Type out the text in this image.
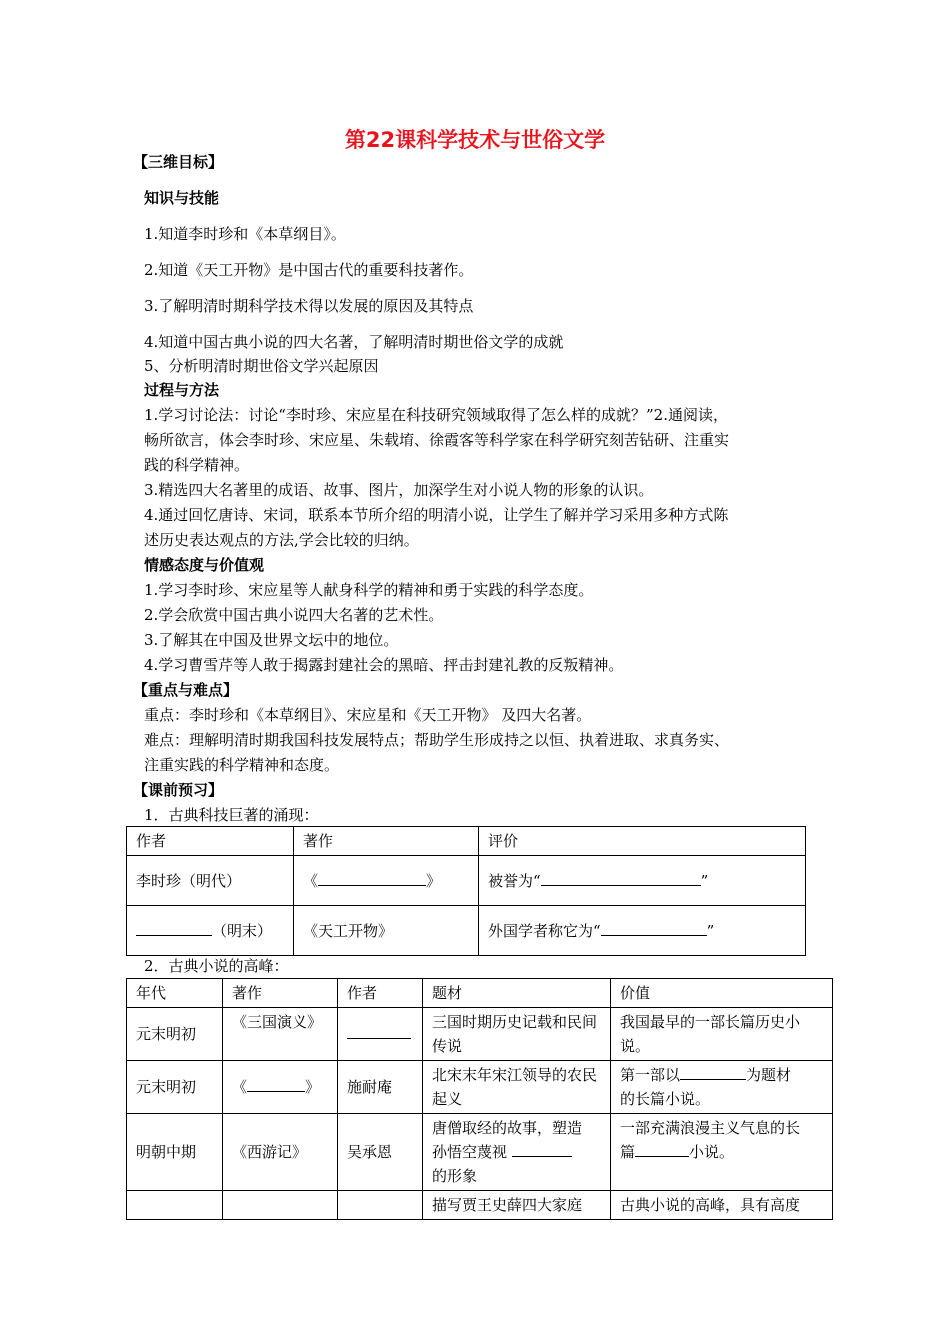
第22课科学技术与世俗文学
【三维目标】
知识与技能
1.知道李时珍和《本草纲目》。
2.知道《天工开物》是中国古代的重要科技著作。
3.了解明清时期科学技术得以发展的原因及其特点
4.知道中国古典小说的四大名著，了解明清时期世俗文学的成就
5、分析明清时期世俗文学兴起原因
过程与方法
1.学习讨论法：讨论“李时珍、宋应星在科技研究领域取得了怎么样的成就？”2.通阅读，
畅所欲言，体会李时珍、宋应星、朱载堉、徐霞客等科学家在科学研究刻苦钻研、注重实
践的科学精神。
3.精选四大名著里的成语、故事、图片，加深学生对小说人物的形象的认识。
4.通过回忆唐诗、宋词，联系本节所介绍的明清小说，让学生了解并学习采用多种方式陈
述历史表达观点的方法,学会比较的归纳。
情感态度与价值观
1.学习李时珍、宋应星等人献身科学的精神和勇于实践的科学态度。
2.学会欣赏中国古典小说四大名著的艺术性。
3.了解其在中国及世界文坛中的地位。
4.学习曹雪芹等人敢于揭露封建社会的黑暗、抨击封建礼教的反叛精神。
【重点与难点】
重点：李时珍和《本草纲目》、宋应星和《天工开物》 及四大名著。
难点：理解明清时期我国科技发展特点；帮助学生形成持之以恒、执着进取、求真务实、
注重实践的科学精神和态度。
【课前预习】
1．古典科技巨著的涌现：
作者	著作	评价
李时珍（明代）	《 》	被誉为“ ”
（明末）	《天工开物》	外国学者称它为“ ”
2．古典小说的高峰：
年代	著作	作者	题材	价值
元末明初	《三国演义》		三国时期历史记载和民间传说	我国最早的一部长篇历史小说。
元末明初	《 》	施耐庵	北宋末年宋江领导的农民起义	第一部以 为题材
的长篇小说。
明朝中期	《西游记》	吴承恩	唐僧取经的故事，塑造
孙悟空蔑视
的形象	一部充满浪漫主义气息的长
篇 小说。
			描写贾王史薛四大家庭	古典小说的高峰，具有高度
